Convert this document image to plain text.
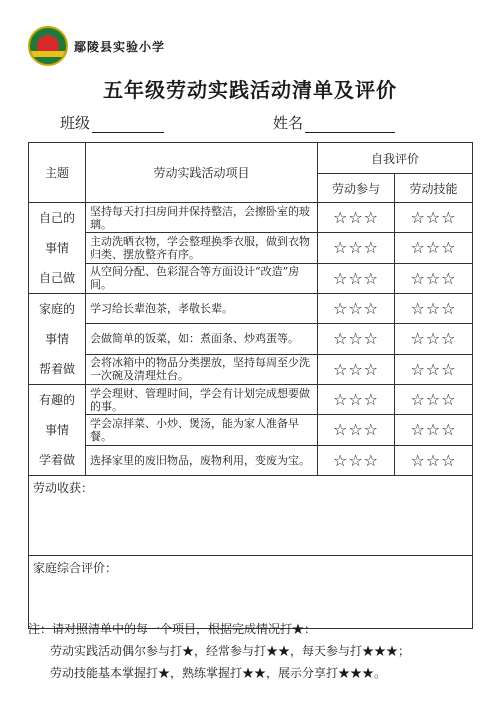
鄢陵县实验小学
五年级劳动实践活动清单及评价
班级	姓名
主题	劳动实践活动项目	自我评价	
		劳动参与	劳动技能

自己的
事情
自己做	坚持每天打扫房间并保持整洁，会擦卧室的玻璃。	☆☆☆	☆☆☆
	主动洗晒衣物，学会整理换季衣服，做到衣物归类、摆放整齐有序。	☆☆☆	☆☆☆
	从空间分配、色彩混合等方面设计“改造”房间。	☆☆☆	☆☆☆

家庭的
事情
帮着做	学习给长辈泡茶，孝敬长辈。	☆☆☆	☆☆☆
	会做简单的饭菜，如：煮面条、炒鸡蛋等。	☆☆☆	☆☆☆
	会将冰箱中的物品分类摆放，坚持每周至少洗一次碗及清理灶台。	☆☆☆	☆☆☆

有趣的
事情
学着做	学会理财、管理时间，学会有计划完成想要做的事。	☆☆☆	☆☆☆
	学会凉拌菜、小炒、煲汤，能为家人准备早餐。	☆☆☆	☆☆☆
	选择家里的废旧物品，废物利用，变废为宝。	☆☆☆	☆☆☆
劳动收获：			
家庭综合评价：			
注：请对照清单中的每一个项目，根据完成情况打★：
劳动实践活动偶尔参与打★，经常参与打★★，每天参与打★★★；
劳动技能基本掌握打★，熟练掌握打★★，展示分享打★★★。
